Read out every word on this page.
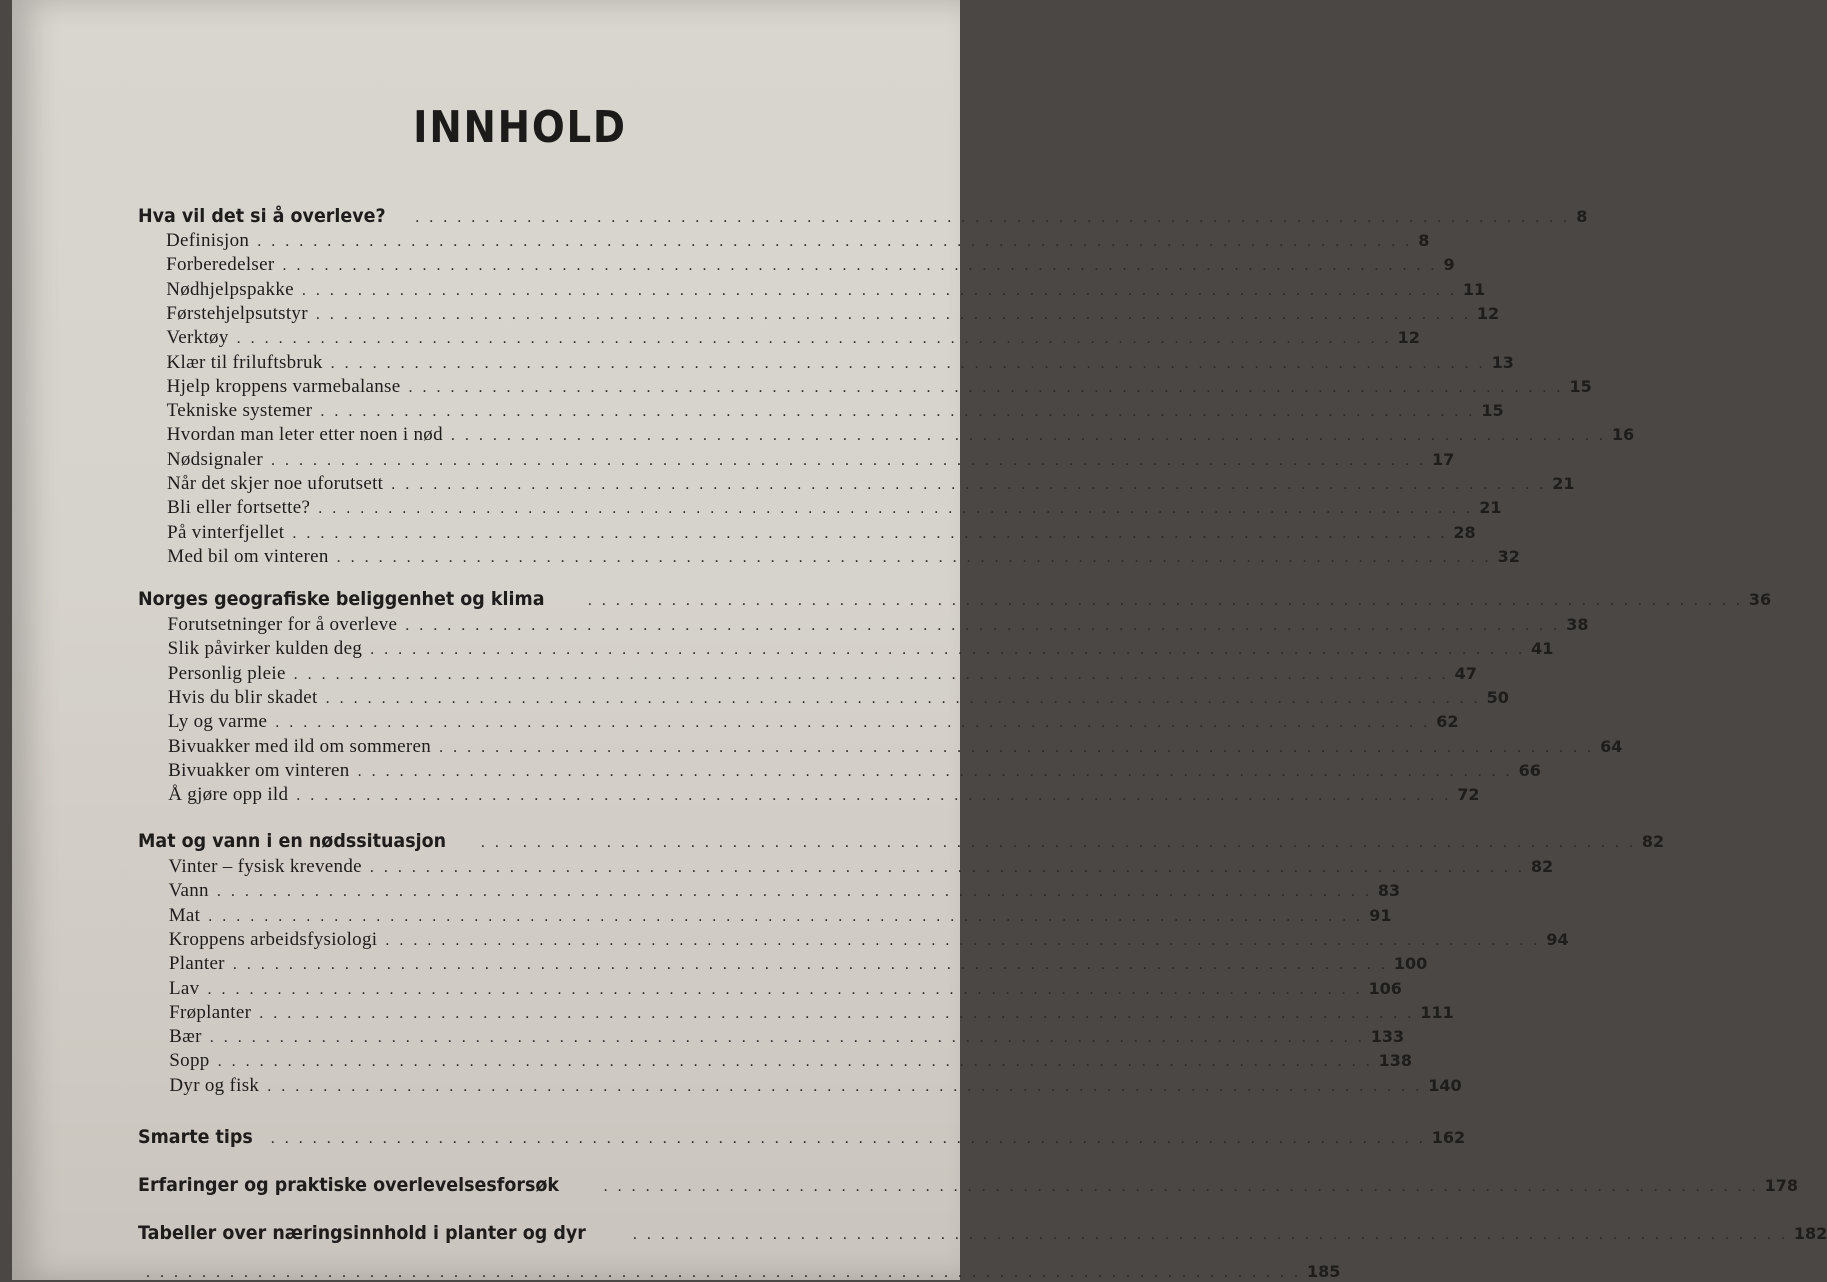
INNHOLD
Hva vil det si å overleve? . . . . . . . . . . . . . . . . . . . . . . . . . . . . . . . . . . . . . . . . . . . . . . . . . . . . . . . . . . . . . . . . . . . . . . . . . . . . . . . . . . . 8
Definisjon . . . . . . . . . . . . . . . . . . . . . . . . . . . . . . . . . . . . . . . . . . . . . . . . . . . . . . . . . . . . . . . . . . . . . . . . . . . . . . . . . . . 8
Forberedelser . . . . . . . . . . . . . . . . . . . . . . . . . . . . . . . . . . . . . . . . . . . . . . . . . . . . . . . . . . . . . . . . . . . . . . . . . . . . . . . . . . . 9
Nødhjelpspakke . . . . . . . . . . . . . . . . . . . . . . . . . . . . . . . . . . . . . . . . . . . . . . . . . . . . . . . . . . . . . . . . . . . . . . . . . . . . . . . . . . . 11
Førstehjelpsutstyr . . . . . . . . . . . . . . . . . . . . . . . . . . . . . . . . . . . . . . . . . . . . . . . . . . . . . . . . . . . . . . . . . . . . . . . . . . . . . . . . . . . 12
Verktøy . . . . . . . . . . . . . . . . . . . . . . . . . . . . . . . . . . . . . . . . . . . . . . . . . . . . . . . . . . . . . . . . . . . . . . . . . . . . . . . . . . . 12
Klær til friluftsbruk . . . . . . . . . . . . . . . . . . . . . . . . . . . . . . . . . . . . . . . . . . . . . . . . . . . . . . . . . . . . . . . . . . . . . . . . . . . . . . . . . . . 13
Hjelp kroppens varmebalanse . . . . . . . . . . . . . . . . . . . . . . . . . . . . . . . . . . . . . . . . . . . . . . . . . . . . . . . . . . . . . . . . . . . . . . . . . . . . . . . . . . . 15
Tekniske systemer . . . . . . . . . . . . . . . . . . . . . . . . . . . . . . . . . . . . . . . . . . . . . . . . . . . . . . . . . . . . . . . . . . . . . . . . . . . . . . . . . . . 15
Hvordan man leter etter noen i nød . . . . . . . . . . . . . . . . . . . . . . . . . . . . . . . . . . . . . . . . . . . . . . . . . . . . . . . . . . . . . . . . . . . . . . . . . . . . . . . . . . . 16
Nødsignaler . . . . . . . . . . . . . . . . . . . . . . . . . . . . . . . . . . . . . . . . . . . . . . . . . . . . . . . . . . . . . . . . . . . . . . . . . . . . . . . . . . . 17
Når det skjer noe uforutsett . . . . . . . . . . . . . . . . . . . . . . . . . . . . . . . . . . . . . . . . . . . . . . . . . . . . . . . . . . . . . . . . . . . . . . . . . . . . . . . . . . . 21
Bli eller fortsette? . . . . . . . . . . . . . . . . . . . . . . . . . . . . . . . . . . . . . . . . . . . . . . . . . . . . . . . . . . . . . . . . . . . . . . . . . . . . . . . . . . . 21
På vinterfjellet . . . . . . . . . . . . . . . . . . . . . . . . . . . . . . . . . . . . . . . . . . . . . . . . . . . . . . . . . . . . . . . . . . . . . . . . . . . . . . . . . . . 28
Med bil om vinteren . . . . . . . . . . . . . . . . . . . . . . . . . . . . . . . . . . . . . . . . . . . . . . . . . . . . . . . . . . . . . . . . . . . . . . . . . . . . . . . . . . . 32
Norges geografiske beliggenhet og klima	. . . . . . . . . . . . . . . . . . . . . . . . . . . . . . . . . . . . . . . . . . . . . . . . . . . . . . . . . . . . . . . . . . . . . . . . . . . . . . . . . . . 36
Forutsetninger for å overleve . . . . . . . . . . . . . . . . . . . . . . . . . . . . . . . . . . . . . . . . . . . . . . . . . . . . . . . . . . . . . . . . . . . . . . . . . . . . . . . . . . . 38
Slik påvirker kulden deg . . . . . . . . . . . . . . . . . . . . . . . . . . . . . . . . . . . . . . . . . . . . . . . . . . . . . . . . . . . . . . . . . . . . . . . . . . . . . . . . . . . 41
Personlig pleie . . . . . . . . . . . . . . . . . . . . . . . . . . . . . . . . . . . . . . . . . . . . . . . . . . . . . . . . . . . . . . . . . . . . . . . . . . . . . . . . . . . 47
Hvis du blir skadet . . . . . . . . . . . . . . . . . . . . . . . . . . . . . . . . . . . . . . . . . . . . . . . . . . . . . . . . . . . . . . . . . . . . . . . . . . . . . . . . . . . 50
Ly og varme . . . . . . . . . . . . . . . . . . . . . . . . . . . . . . . . . . . . . . . . . . . . . . . . . . . . . . . . . . . . . . . . . . . . . . . . . . . . . . . . . . . 62
Bivuakker med ild om sommeren . . . . . . . . . . . . . . . . . . . . . . . . . . . . . . . . . . . . . . . . . . . . . . . . . . . . . . . . . . . . . . . . . . . . . . . . . . . . . . . . . . . 64
Bivuakker om vinteren . . . . . . . . . . . . . . . . . . . . . . . . . . . . . . . . . . . . . . . . . . . . . . . . . . . . . . . . . . . . . . . . . . . . . . . . . . . . . . . . . . . 66
Å gjøre opp ild . . . . . . . . . . . . . . . . . . . . . . . . . . . . . . . . . . . . . . . . . . . . . . . . . . . . . . . . . . . . . . . . . . . . . . . . . . . . . . . . . . . 72
Mat og vann i en nødssituasjon . . . . . . . . . . . . . . . . . . . . . . . . . . . . . . . . . . . . . . . . . . . . . . . . . . . . . . . . . . . . . . . . . . . . . . . . . . . . . . . . . . . 82
Vinter – fysisk krevende . . . . . . . . . . . . . . . . . . . . . . . . . . . . . . . . . . . . . . . . . . . . . . . . . . . . . . . . . . . . . . . . . . . . . . . . . . . . . . . . . . . 82
Vann . . . . . . . . . . . . . . . . . . . . . . . . . . . . . . . . . . . . . . . . . . . . . . . . . . . . . . . . . . . . . . . . . . . . . . . . . . . . . . . . . . . 83
Mat . . . . . . . . . . . . . . . . . . . . . . . . . . . . . . . . . . . . . . . . . . . . . . . . . . . . . . . . . . . . . . . . . . . . . . . . . . . . . . . . . . . 91
Kroppens arbeidsfysiologi . . . . . . . . . . . . . . . . . . . . . . . . . . . . . . . . . . . . . . . . . . . . . . . . . . . . . . . . . . . . . . . . . . . . . . . . . . . . . . . . . . . 94
Planter . . . . . . . . . . . . . . . . . . . . . . . . . . . . . . . . . . . . . . . . . . . . . . . . . . . . . . . . . . . . . . . . . . . . . . . . . . . . . . . . . . . 100
Lav . . . . . . . . . . . . . . . . . . . . . . . . . . . . . . . . . . . . . . . . . . . . . . . . . . . . . . . . . . . . . . . . . . . . . . . . . . . . . . . . . . . 106
Frøplanter . . . . . . . . . . . . . . . . . . . . . . . . . . . . . . . . . . . . . . . . . . . . . . . . . . . . . . . . . . . . . . . . . . . . . . . . . . . . . . . . . . . 111
Bær . . . . . . . . . . . . . . . . . . . . . . . . . . . . . . . . . . . . . . . . . . . . . . . . . . . . . . . . . . . . . . . . . . . . . . . . . . . . . . . . . . . 133
Sopp . . . . . . . . . . . . . . . . . . . . . . . . . . . . . . . . . . . . . . . . . . . . . . . . . . . . . . . . . . . . . . . . . . . . . . . . . . . . . . . . . . . 138
Dyr og fisk . . . . . . . . . . . . . . . . . . . . . . . . . . . . . . . . . . . . . . . . . . . . . . . . . . . . . . . . . . . . . . . . . . . . . . . . . . . . . . . . . . . 140
Smarte tips . . . . . . . . . . . . . . . . . . . . . . . . . . . . . . . . . . . . . . . . . . . . . . . . . . . . . . . . . . . . . . . . . . . . . . . . . . . . . . . . . . . 162
Erfaringer og praktiske overlevelsesforsøk	. . . . . . . . . . . . . . . . . . . . . . . . . . . . . . . . . . . . . . . . . . . . . . . . . . . . . . . . . . . . . . . . . . . . . . . . . . . . . . . . . . . 178
Tabeller over næringsinnhold i planter og dyr	. . . . . . . . . . . . . . . . . . . . . . . . . . . . . . . . . . . . . . . . . . . . . . . . . . . . . . . . . . . . . . . . . . . . . . . . . . . . . . . . . . . 182
. . . . . . . . . . . . . . . . . . . . . . . . . . . . . . . . . . . . . . . . . . . . . . . . . . . . . . . . . . . . . . . . . . . . . . . . . . . . . . . . . . . 185
